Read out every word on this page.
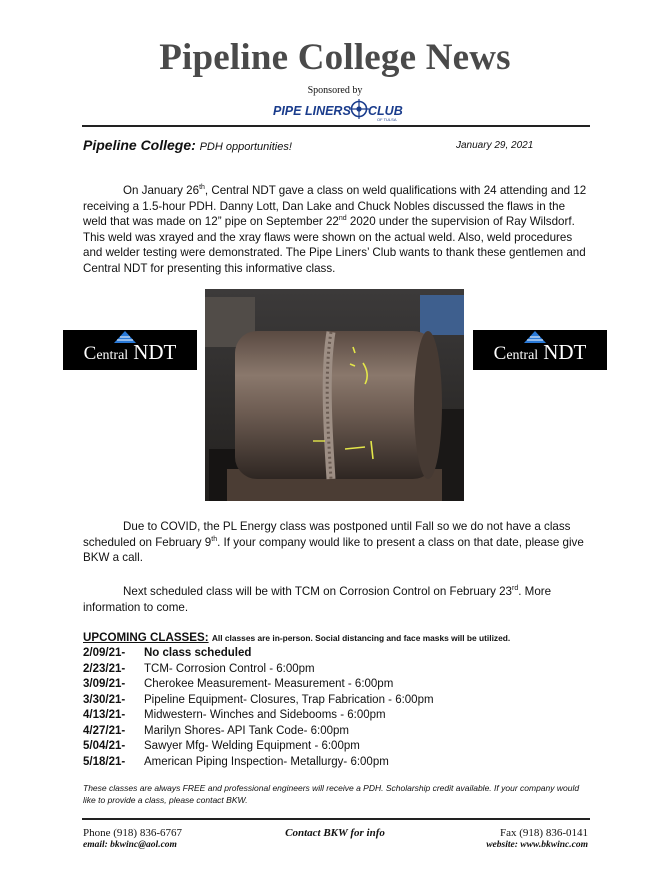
Pipeline College News
Sponsored by
PIPE LINERS CLUB
OF TULSA
Pipeline College: PDH opportunities!	January 29, 2021

On January 26th, Central NDT gave a class on weld qualifications with 24 attending and 12 receiving a 1.5-hour PDH. Danny Lott, Dan Lake and Chuck Nobles discussed the flaws in the weld that was made on 12” pipe on September 22nd 2020 under the supervision of Ray Wilsdorf. This weld was xrayed and the xray flaws were shown on the actual weld. Also, weld procedures and welder testing were demonstrated. The Pipe Liners’ Club wants to thank these gentlemen and Central NDT for presenting this informative class.

Central NDT	Central NDT

Due to COVID, the PL Energy class was postponed until Fall so we do not have a class scheduled on February 9th. If your company would like to present a class on that date, please give BKW a call.

Next scheduled class will be with TCM on Corrosion Control on February 23rd. More information to come.

UPCOMING CLASSES: All classes are in-person. Social distancing and face masks will be utilized.
2/09/21- No class scheduled
2/23/21- TCM- Corrosion Control - 6:00pm
3/09/21- Cherokee Measurement- Measurement - 6:00pm
3/30/21- Pipeline Equipment- Closures, Trap Fabrication - 6:00pm
4/13/21- Midwestern- Winches and Sidebooms - 6:00pm
4/27/21- Marilyn Shores- API Tank Code- 6:00pm
5/04/21- Sawyer Mfg- Welding Equipment - 6:00pm
5/18/21- American Piping Inspection- Metallurgy- 6:00pm
These classes are always FREE and professional engineers will receive a PDH. Scholarship credit available. If your company would like to provide a class, please contact BKW.
Phone (918) 836-6767	Contact BKW for info	Fax (918) 836-0141
email: bkwinc@aol.com	website: www.bkwinc.com
